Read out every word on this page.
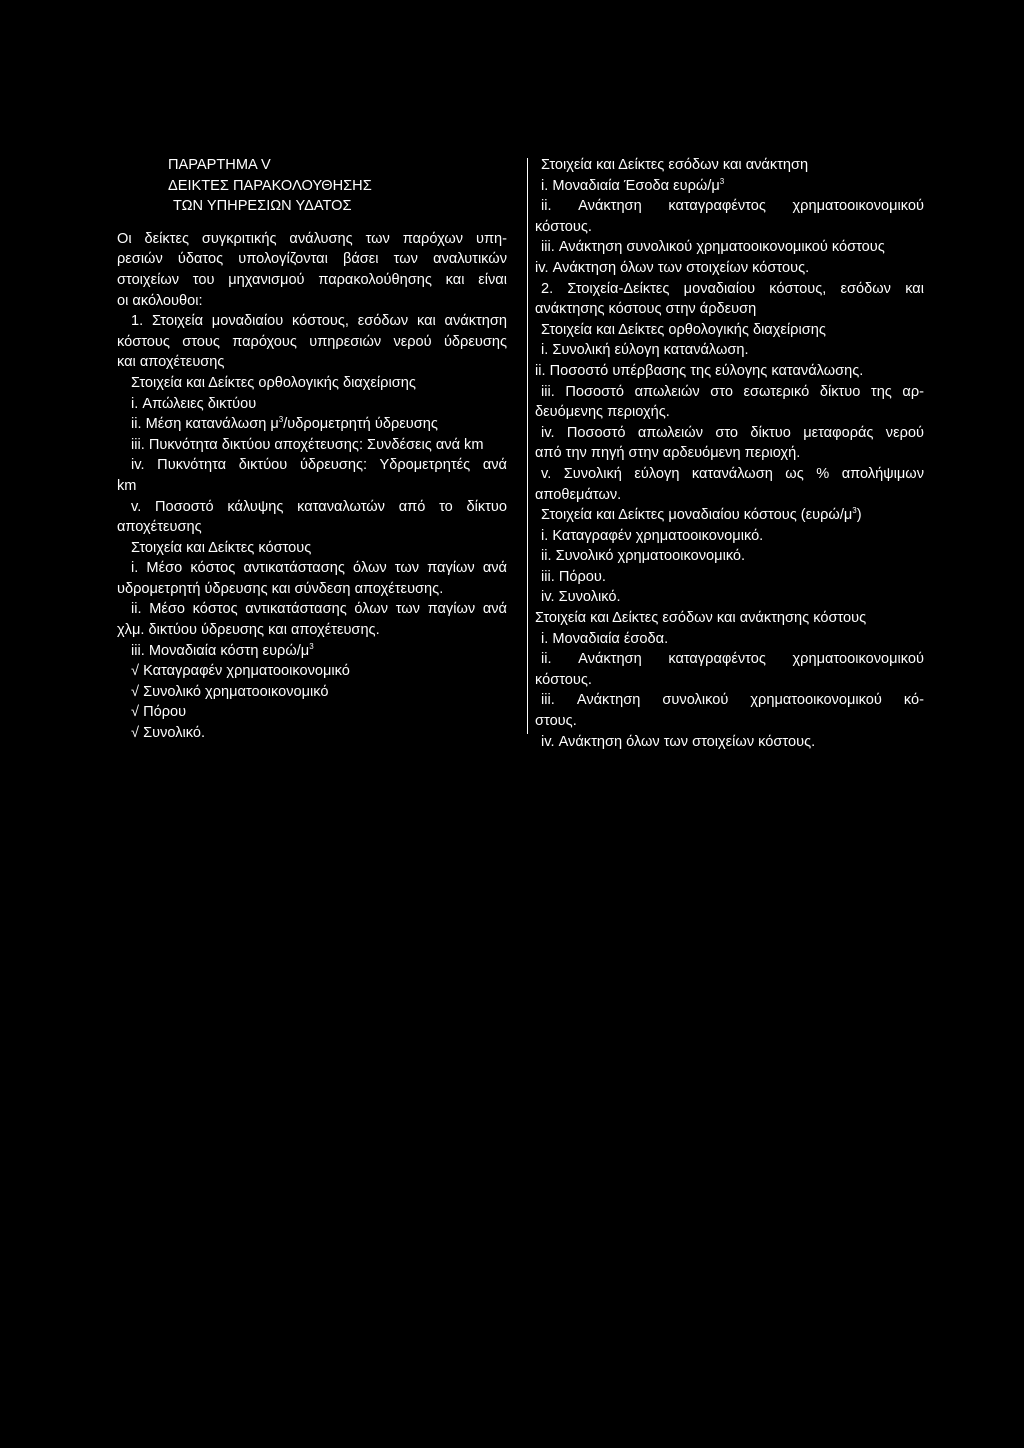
ΠΑΡΑΡΤΗΜΑ V
ΔΕΙΚΤΕΣ ΠΑΡΑΚΟΛΟΥΘΗΣΗΣ
ΤΩΝ ΥΠΗΡΕΣΙΩΝ ΥΔΑΤΟΣ
Οι δείκτες συγκριτικής ανάλυσης των παρόχων υπη-
ρεσιών ύδατος υπολογίζονται βάσει των αναλυτικών
στοιχείων του μηχανισμού παρακολούθησης και είναι
οι ακόλουθοι:
1. Στοιχεία μοναδιαίου κόστους, εσόδων και ανάκτηση
κόστους στους παρόχους υπηρεσιών νερού ύδρευσης
και αποχέτευσης
Στοιχεία και Δείκτες ορθολογικής διαχείρισης
i. Απώλειες δικτύου
ii. Μέση κατανάλωση $\mu^3$/υδρομετρητή ύδρευσης
iii. Πυκνότητα δικτύου αποχέτευσης: Συνδέσεις ανά km
iv. Πυκνότητα δικτύου ύδρευσης: Υδρομετρητές ανά
km
v. Ποσοστό κάλυψης καταναλωτών από το δίκτυο
αποχέτευσης
Στοιχεία και Δείκτες κόστους
i. Μέσο κόστος αντικατάστασης όλων των παγίων ανά
υδρομετρητή ύδρευσης και σύνδεση αποχέτευσης.
ii. Μέσο κόστος αντικατάστασης όλων των παγίων ανά
χλμ. δικτύου ύδρευσης και αποχέτευσης.
iii. Μοναδιαία κόστη ευρώ/$\mu^3$
√ Καταγραφέν χρηματοοικονομικό
√ Συνολικό χρηματοοικονομικό
√ Πόρου
√ Συνολικό.
Στοιχεία και Δείκτες εσόδων και ανάκτηση
i. Μοναδιαία Έσοδα ευρώ/$\mu^3$
ii. Ανάκτηση καταγραφέντος χρηματοοικονομικού
κόστους.
iii. Ανάκτηση συνολικού χρηματοοικονομικού κόστους
iv. Ανάκτηση όλων των στοιχείων κόστους.
2. Στοιχεία-Δείκτες μοναδιαίου κόστους, εσόδων και
ανάκτησης κόστους στην άρδευση
Στοιχεία και Δείκτες ορθολογικής διαχείρισης
i. Συνολική εύλογη κατανάλωση.
ii. Ποσοστό υπέρβασης της εύλογης κατανάλωσης.
iii. Ποσοστό απωλειών στο εσωτερικό δίκτυο της αρ-
δευόμενης περιοχής.
iv. Ποσοστό απωλειών στο δίκτυο μεταφοράς νερού
από την πηγή στην αρδευόμενη περιοχή.
v. Συνολική εύλογη κατανάλωση ως % απολήψιμων
αποθεμάτων.
Στοιχεία και Δείκτες μοναδιαίου κόστους $(\varepsilon\upsilon\rho ώ/\mu^3)$
i. Καταγραφέν χρηματοοικονομικό.
ii. Συνολικό χρηματοοικονομικό.
iii. Πόρου.
iv. Συνολικό.
Στοιχεία και Δείκτες εσόδων και ανάκτησης κόστους
i. Μοναδιαία έσοδα.
ii. Ανάκτηση καταγραφέντος χρηματοοικονομικού
κόστους.
iii. Ανάκτηση συνολικού χρηματοοικονομικού κό-
στους.
iv. Ανάκτηση όλων των στοιχείων κόστους.
